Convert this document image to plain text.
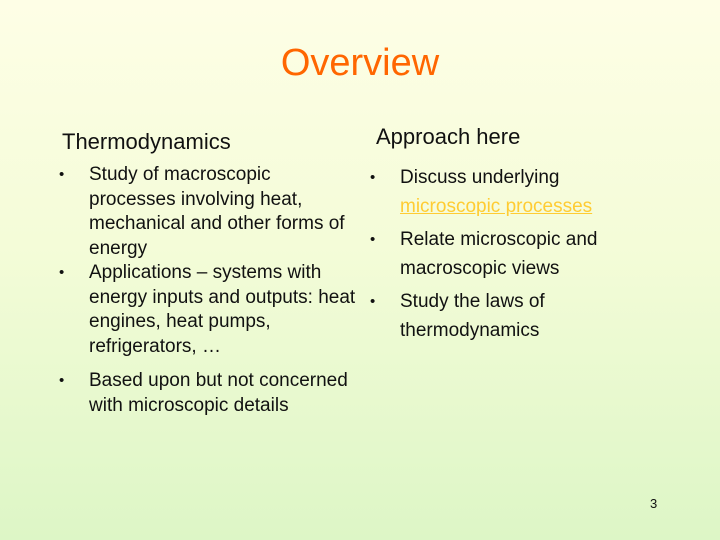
Overview
Thermodynamics	Approach here
• Study of macroscopic processes involving heat, mechanical and other forms of energy
• Applications – systems with energy inputs and outputs: heat engines, heat pumps, refrigerators, …
• Based upon but not concerned with microscopic details
• Discuss underlying
microscopic processes
• Relate microscopic and macroscopic views
• Study the laws of thermodynamics
3
